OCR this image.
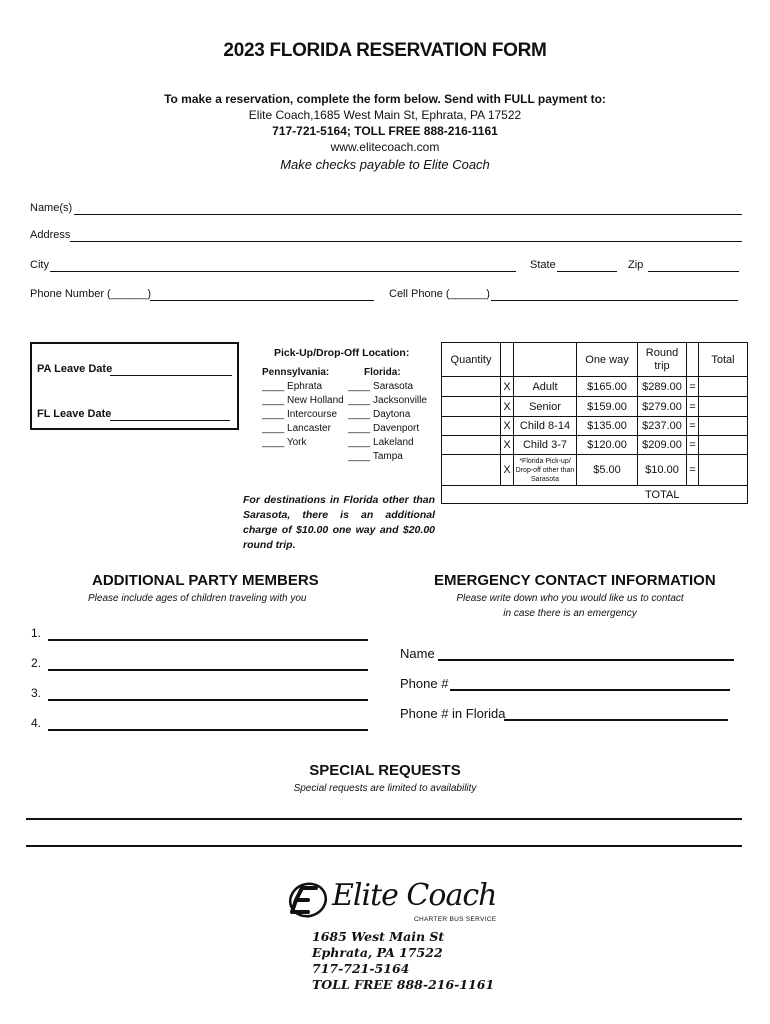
2023 FLORIDA RESERVATION FORM
To make a reservation, complete the form below. Send with FULL payment to:
Elite Coach,1685 West Main St, Ephrata, PA 17522
717-721-5164; TOLL FREE 888-216-1161
www.elitecoach.com
Make checks payable to Elite Coach
Name(s)
Address
City	State	Zip
Phone Number (______)	Cell Phone (______)
PA Leave Date
FL Leave Date
Pick-Up/Drop-Off Location:
Pennsylvania:	Florida:
____ Ephrata
____ New Holland
____ Intercourse
____ Lancaster
____ York
____ Sarasota
____ Jacksonville
____ Daytona
____ Davenport
____ Lakeland
____ Tampa
Quantity			One way	Round trip		Total
	X	Adult	$165.00	$289.00	=	
	X	Senior	$159.00	$279.00	=	
	X	Child 8-14	$135.00	$237.00	=	
	X	Child 3-7	$120.00	$209.00	=	
	X	*Florida Pick-up/ Drop-off other than Sarasota	$5.00	$10.00	=	
TOTAL						
For destinations in Florida other than Sarasota, there is an additional charge of $10.00 one way and $20.00 round trip.
ADDITIONAL PARTY MEMBERS
Please include ages of children traveling with you
1.
2.
3.
4.
EMERGENCY CONTACT INFORMATION
Please write down who you would like us to contact
in case there is an emergency
Name
Phone #
Phone # in Florida
SPECIAL REQUESTS
Special requests are limited to availability
Elite Coach
CHARTER BUS SERVICE
1685 West Main St
Ephrata, PA 17522
717-721-5164
TOLL FREE 888-216-1161
